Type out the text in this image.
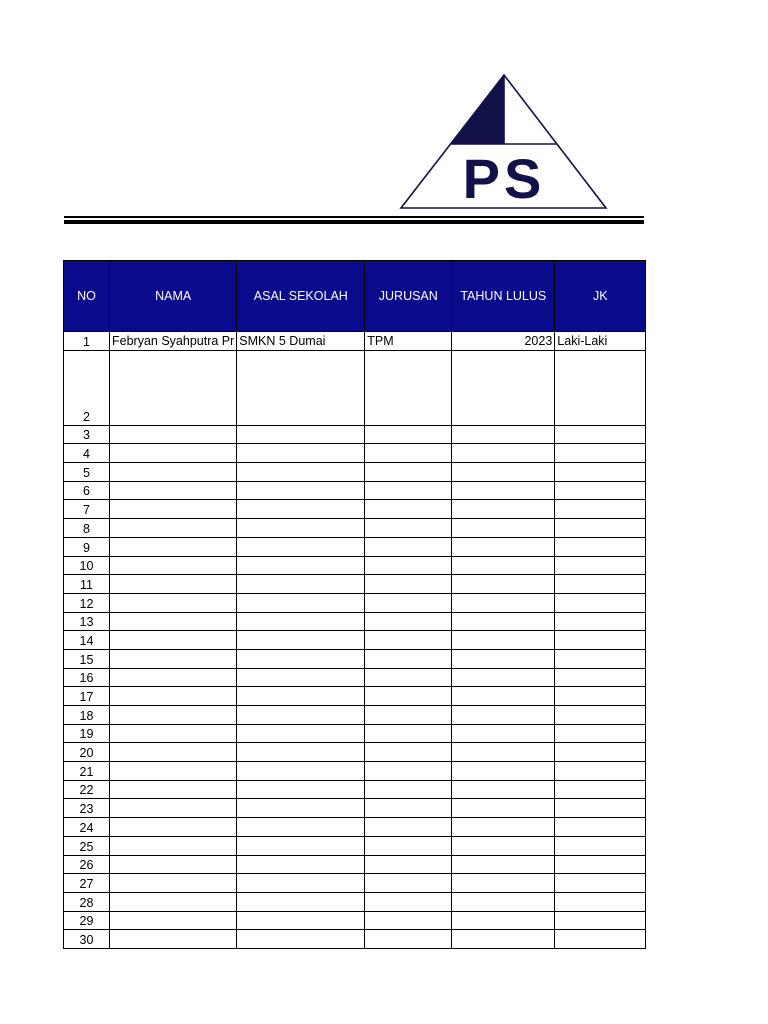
PS
NO	NAMA	ASAL SEKOLAH	JURUSAN	TAHUN LULUS	JK
1	Febryan Syahputra Pr	SMKN 5 Dumai	TPM	2023	Laki-Laki
2					
3					
4					
5					
6					
7					
8					
9					
10					
11					
12					
13					
14					
15					
16					
17					
18					
19					
20					
21					
22					
23					
24					
25					
26					
27					
28					
29					
30					
